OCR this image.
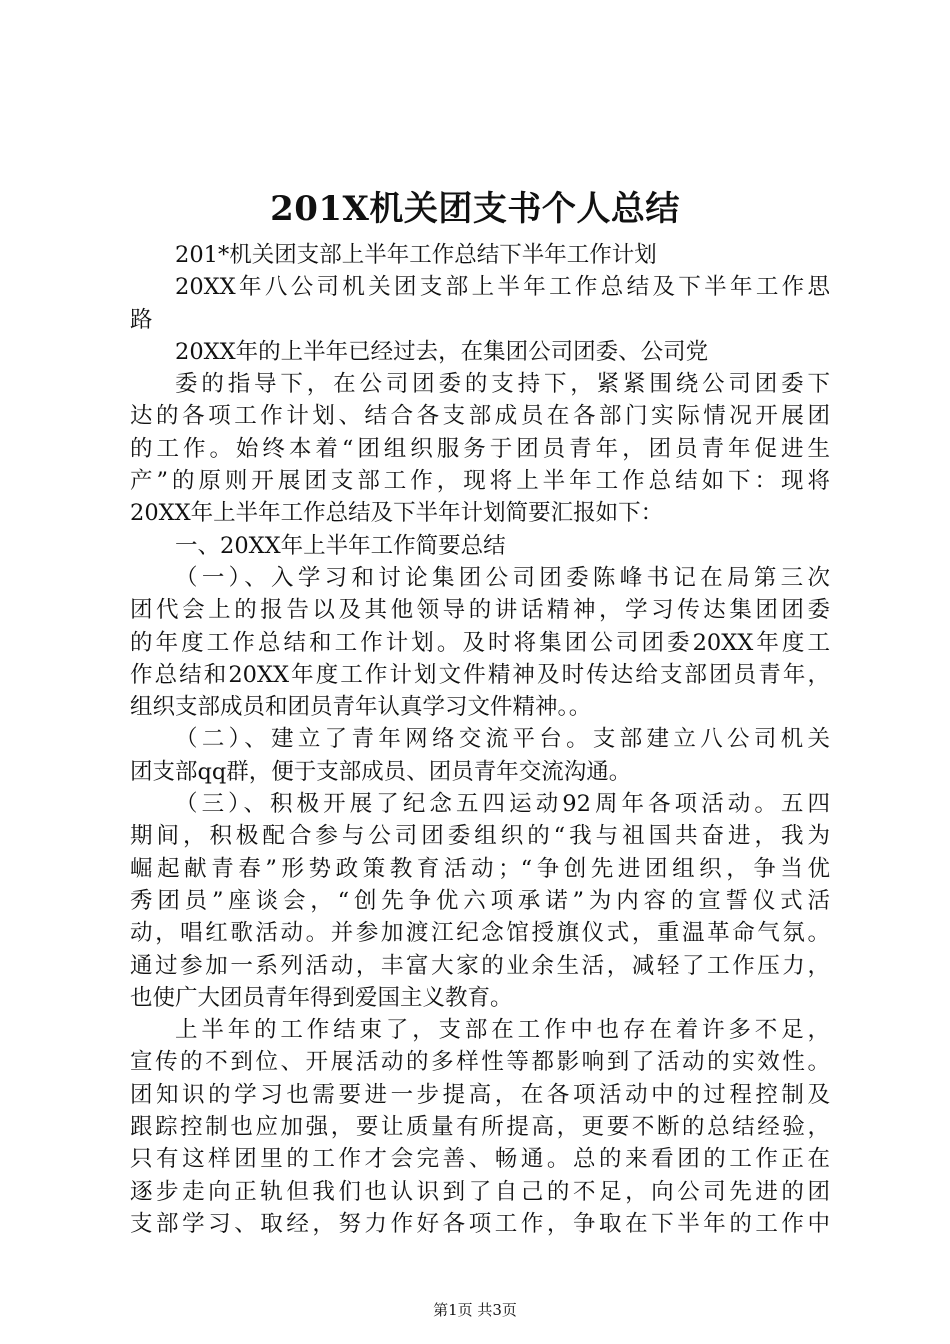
201X机关团支书个人总结
201*机关团支部上半年工作总结下半年工作计划
20XX年八公司机关团支部上半年工作总结及下半年工作思
路
20XX年的上半年已经过去，在集团公司团委、公司党
委的指导下，在公司团委的支持下，紧紧围绕公司团委下
达的各项工作计划、结合各支部成员在各部门实际情况开展团
的工作。始终本着“团组织服务于团员青年，团员青年促进生
产”的原则开展团支部工作，现将上半年工作总结如下：现将
20XX年上半年工作总结及下半年计划简要汇报如下：
一、20XX年上半年工作简要总结
（一）、入学习和讨论集团公司团委陈峰书记在局第三次
团代会上的报告以及其他领导的讲话精神，学习传达集团团委
的年度工作总结和工作计划。及时将集团公司团委20XX年度工
作总结和20XX年度工作计划文件精神及时传达给支部团员青年，
组织支部成员和团员青年认真学习文件精神。。
（二）、建立了青年网络交流平台。支部建立八公司机关
团支部qq群，便于支部成员、团员青年交流沟通。
（三）、积极开展了纪念五四运动92周年各项活动。五四
期间，积极配合参与公司团委组织的“我与祖国共奋进，我为
崛起献青春”形势政策教育活动；“争创先进团组织，争当优
秀团员”座谈会，“创先争优六项承诺”为内容的宣誓仪式活
动，唱红歌活动。并参加渡江纪念馆授旗仪式，重温革命气氛。
通过参加一系列活动，丰富大家的业余生活，减轻了工作压力，
也使广大团员青年得到爱国主义教育。
上半年的工作结束了，支部在工作中也存在着许多不足，
宣传的不到位、开展活动的多样性等都影响到了活动的实效性。
团知识的学习也需要进一步提高，在各项活动中的过程控制及
跟踪控制也应加强，要让质量有所提高，更要不断的总结经验，
只有这样团里的工作才会完善、畅通。总的来看团的工作正在
逐步走向正轨但我们也认识到了自己的不足，向公司先进的团
支部学习、取经，努力作好各项工作，争取在下半年的工作中
第1页 共3页
